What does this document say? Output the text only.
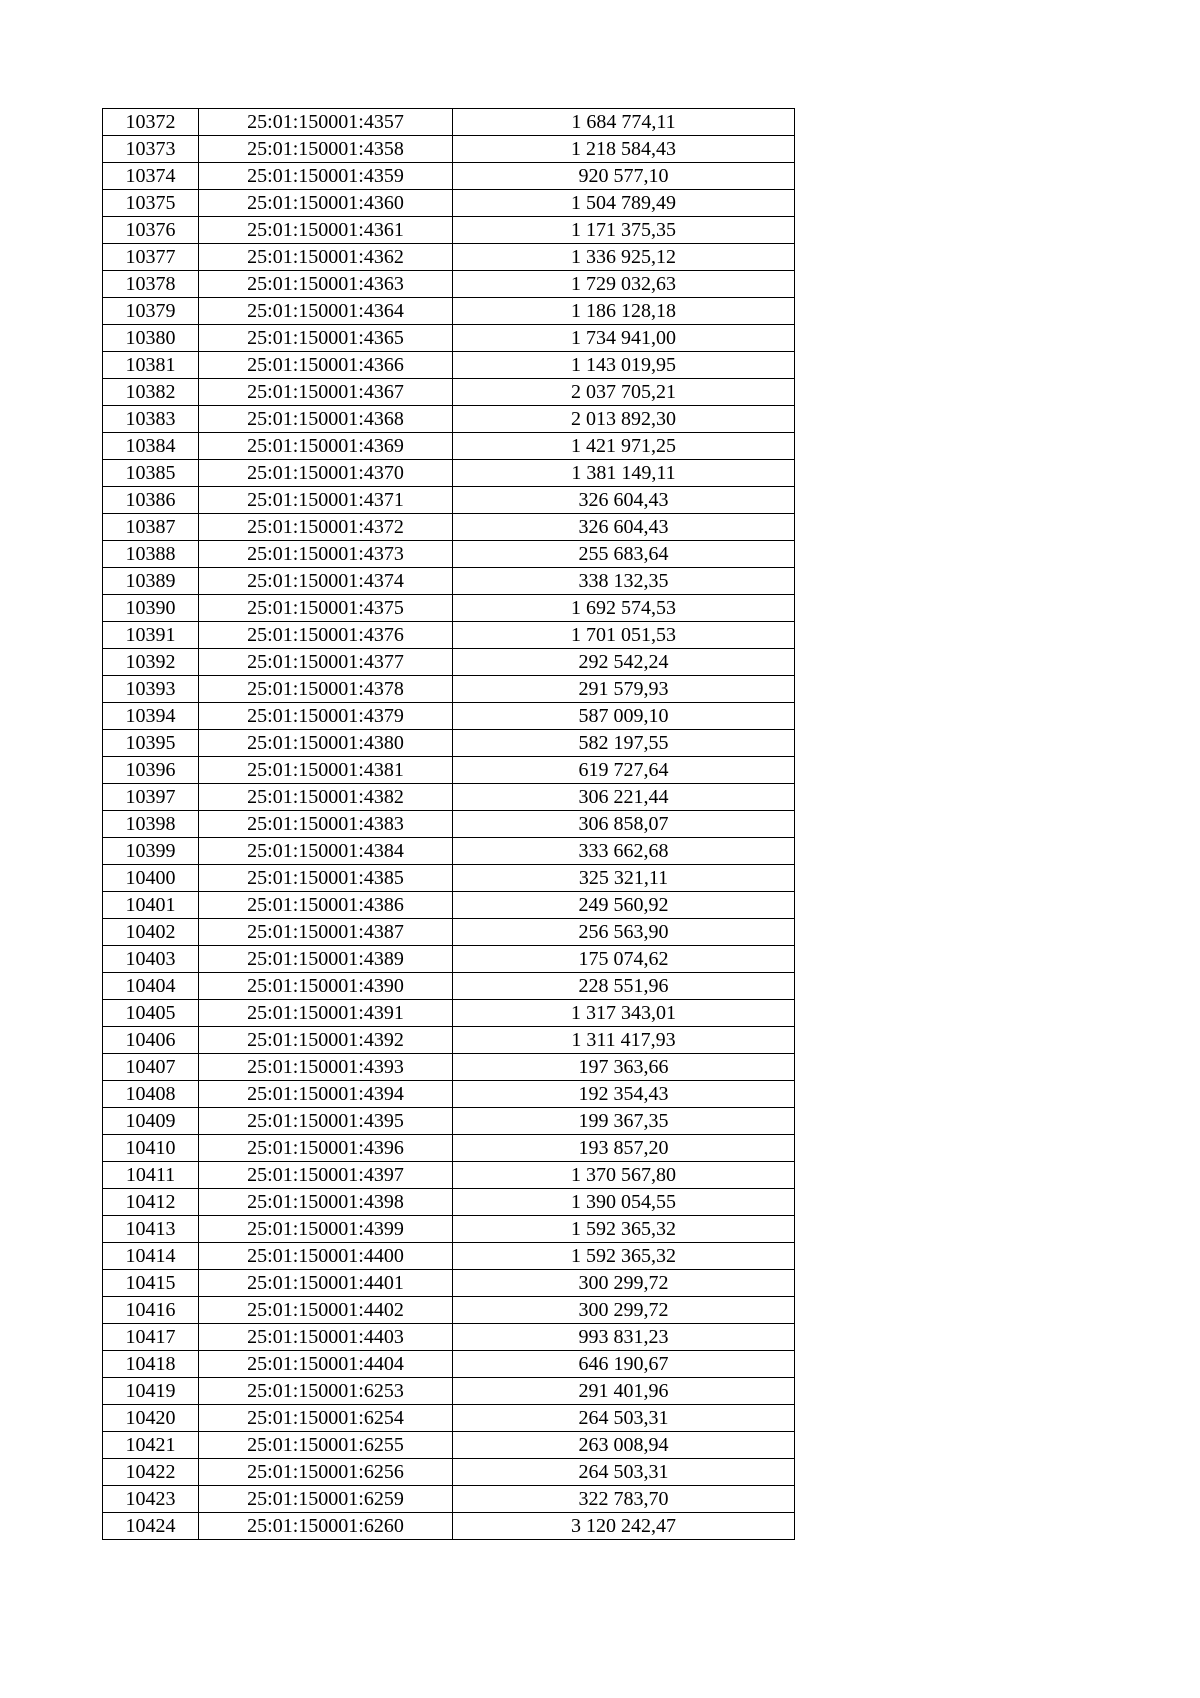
10372	25:01:150001:4357	1 684 774,11
10373	25:01:150001:4358	1 218 584,43
10374	25:01:150001:4359	920 577,10
10375	25:01:150001:4360	1 504 789,49
10376	25:01:150001:4361	1 171 375,35
10377	25:01:150001:4362	1 336 925,12
10378	25:01:150001:4363	1 729 032,63
10379	25:01:150001:4364	1 186 128,18
10380	25:01:150001:4365	1 734 941,00
10381	25:01:150001:4366	1 143 019,95
10382	25:01:150001:4367	2 037 705,21
10383	25:01:150001:4368	2 013 892,30
10384	25:01:150001:4369	1 421 971,25
10385	25:01:150001:4370	1 381 149,11
10386	25:01:150001:4371	326 604,43
10387	25:01:150001:4372	326 604,43
10388	25:01:150001:4373	255 683,64
10389	25:01:150001:4374	338 132,35
10390	25:01:150001:4375	1 692 574,53
10391	25:01:150001:4376	1 701 051,53
10392	25:01:150001:4377	292 542,24
10393	25:01:150001:4378	291 579,93
10394	25:01:150001:4379	587 009,10
10395	25:01:150001:4380	582 197,55
10396	25:01:150001:4381	619 727,64
10397	25:01:150001:4382	306 221,44
10398	25:01:150001:4383	306 858,07
10399	25:01:150001:4384	333 662,68
10400	25:01:150001:4385	325 321,11
10401	25:01:150001:4386	249 560,92
10402	25:01:150001:4387	256 563,90
10403	25:01:150001:4389	175 074,62
10404	25:01:150001:4390	228 551,96
10405	25:01:150001:4391	1 317 343,01
10406	25:01:150001:4392	1 311 417,93
10407	25:01:150001:4393	197 363,66
10408	25:01:150001:4394	192 354,43
10409	25:01:150001:4395	199 367,35
10410	25:01:150001:4396	193 857,20
10411	25:01:150001:4397	1 370 567,80
10412	25:01:150001:4398	1 390 054,55
10413	25:01:150001:4399	1 592 365,32
10414	25:01:150001:4400	1 592 365,32
10415	25:01:150001:4401	300 299,72
10416	25:01:150001:4402	300 299,72
10417	25:01:150001:4403	993 831,23
10418	25:01:150001:4404	646 190,67
10419	25:01:150001:6253	291 401,96
10420	25:01:150001:6254	264 503,31
10421	25:01:150001:6255	263 008,94
10422	25:01:150001:6256	264 503,31
10423	25:01:150001:6259	322 783,70
10424	25:01:150001:6260	3 120 242,47
